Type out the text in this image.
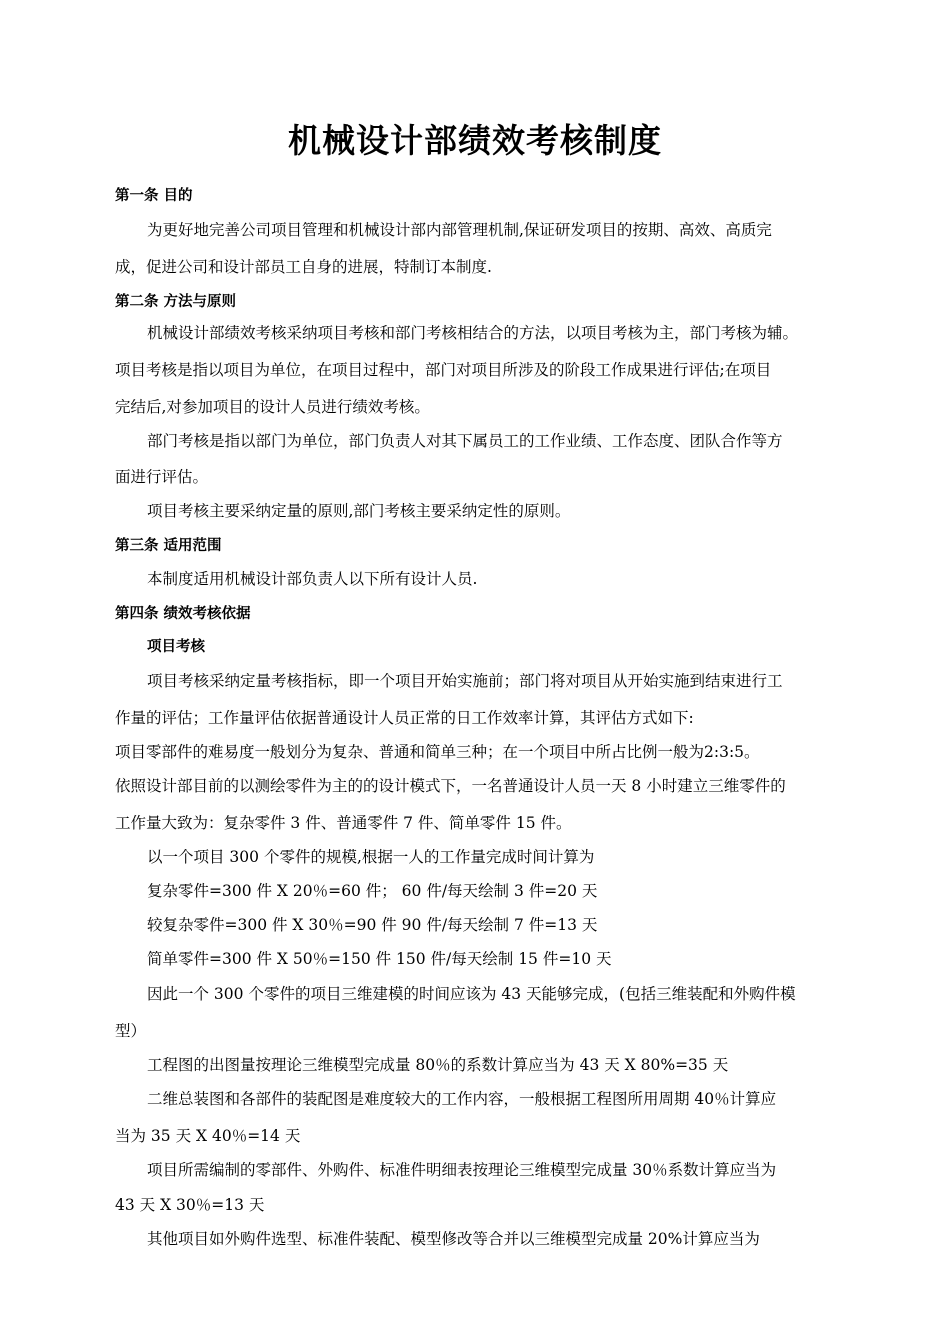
机械设计部绩效考核制度
第一条 目的
为更好地完善公司项目管理和机械设计部内部管理机制,保证研发项目的按期、高效、高质完
成，促进公司和设计部员工自身的进展，特制订本制度.
第二条 方法与原则
机械设计部绩效考核采纳项目考核和部门考核相结合的方法，以项目考核为主，部门考核为辅。
项目考核是指以项目为单位，在项目过程中，部门对项目所涉及的阶段工作成果进行评估;在项目
完结后,对参加项目的设计人员进行绩效考核。
部门考核是指以部门为单位，部门负责人对其下属员工的工作业绩、工作态度、团队合作等方
面进行评估。
项目考核主要采纳定量的原则,部门考核主要采纳定性的原则。
第三条 适用范围
本制度适用机械设计部负责人以下所有设计人员.
第四条 绩效考核依据
项目考核
项目考核采纳定量考核指标，即一个项目开始实施前；部门将对项目从开始实施到结束进行工
作量的评估；工作量评估依据普通设计人员正常的日工作效率计算，其评估方式如下:
项目零部件的难易度一般划分为复杂、普通和简单三种；在一个项目中所占比例一般为2:3:5。
依照设计部目前的以测绘零件为主的的设计模式下，一名普通设计人员一天 8 小时建立三维零件的
工作量大致为：复杂零件 3 件、普通零件 7 件、简单零件 15 件。
以一个项目 300 个零件的规模,根据一人的工作量完成时间计算为
复杂零件=300 件 X 20％=60 件； 60 件/每天绘制 3 件=20 天
较复杂零件=300 件 X 30％=90 件 90 件/每天绘制 7 件=13 天
简单零件=300 件 X 50％=150 件 150 件/每天绘制 15 件=10 天
因此一个 300 个零件的项目三维建模的时间应该为 43 天能够完成，(包括三维装配和外购件模
型）
工程图的出图量按理论三维模型完成量 80％的系数计算应当为 43 天 X 80%=35 天
二维总装图和各部件的装配图是难度较大的工作内容，一般根据工程图所用周期 40％计算应
当为 35 天 X 40％=14 天
项目所需编制的零部件、外购件、标准件明细表按理论三维模型完成量 30％系数计算应当为
43 天 X 30％=13 天
其他项目如外购件选型、标准件装配、模型修改等合并以三维模型完成量 20%计算应当为
